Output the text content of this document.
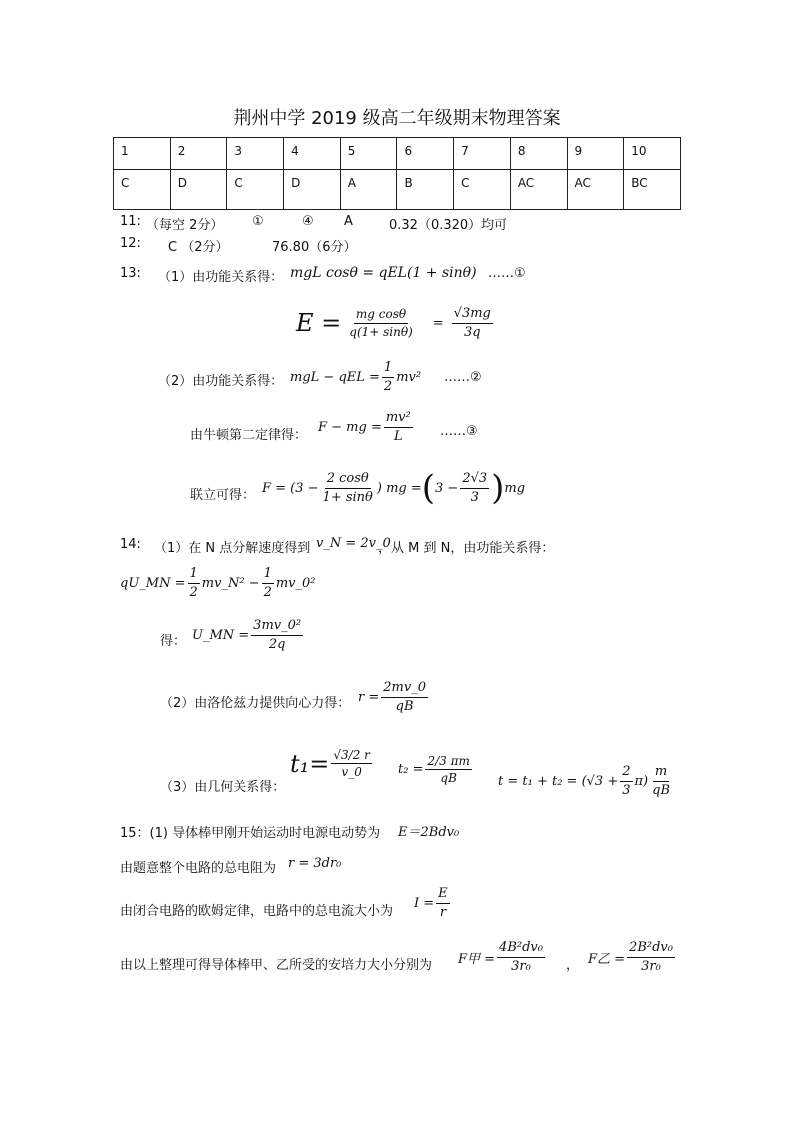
荆州中学 2019 级高二年级期末物理答案
1	2	3	4	5	6	7	8	9	10
C	D	C	D	A	B	C	AC	AC	BC
11: （每空 2分） ①	④ A	0.32（0.320）均可
12: C （2分）	76.80（6分）
13: （1）由功能关系得： mgL cosθ = qEL(1 + sinθ) ……①
$E = \frac{\text{mg cosθ}}{q(1+ \sin\theta)} = \frac{√3mg}{3q}$
（2）由功能关系得： mgL − qEL = $\frac{1}{2} mv^2$ ……②
由牛顿第二定律得：
F − mg = $\frac{\text{mv²}}{L}$ ……③
联立可得： $F = (3 - \frac{2 \cos\theta}{1+ \sin\theta}$ ) mg = ( $3 - \frac{2√3}{3}$ ) mg
14: （1）在 N 点分解速度得到 v_N = 2v_0
，从 M 到 N，由功能关系得：
qU_MN = $\frac{1}{2}$ mv_N² − $\frac{1}{2}$ mv_0²
得： U_MN = $\frac{\text{3mv\_0²}}{2q}$
（2）由洛伦兹力提供向心力得： $r = \frac{2mv\_0}{qB}$
（3）由几何关系得：
$t_1= \frac{√3/2 r}{v\_0} t_2 = \frac{2/3 \pi m}{qB}$ $t = t_1 + t_2 = (√3 + \frac{2}{3} \pi) \frac{m}{qB}$
15：(1) 导体棒甲刚开始运动时电源电动势为 E＝2Bdv₀
由题意整个电路的总电阻为 r = 3dr₀
由闭合电路的欧姆定律，电路中的总电流大小为
$I = \frac{E}{r}$
由以上整理可得导体棒甲、乙所受的安培力大小分别为 F甲 = $\frac{\text{4B²dv₀}}{\text{3r₀}}$ ， F乙 = $\frac{\text{2B²dv₀}}{\text{3r₀}}$
